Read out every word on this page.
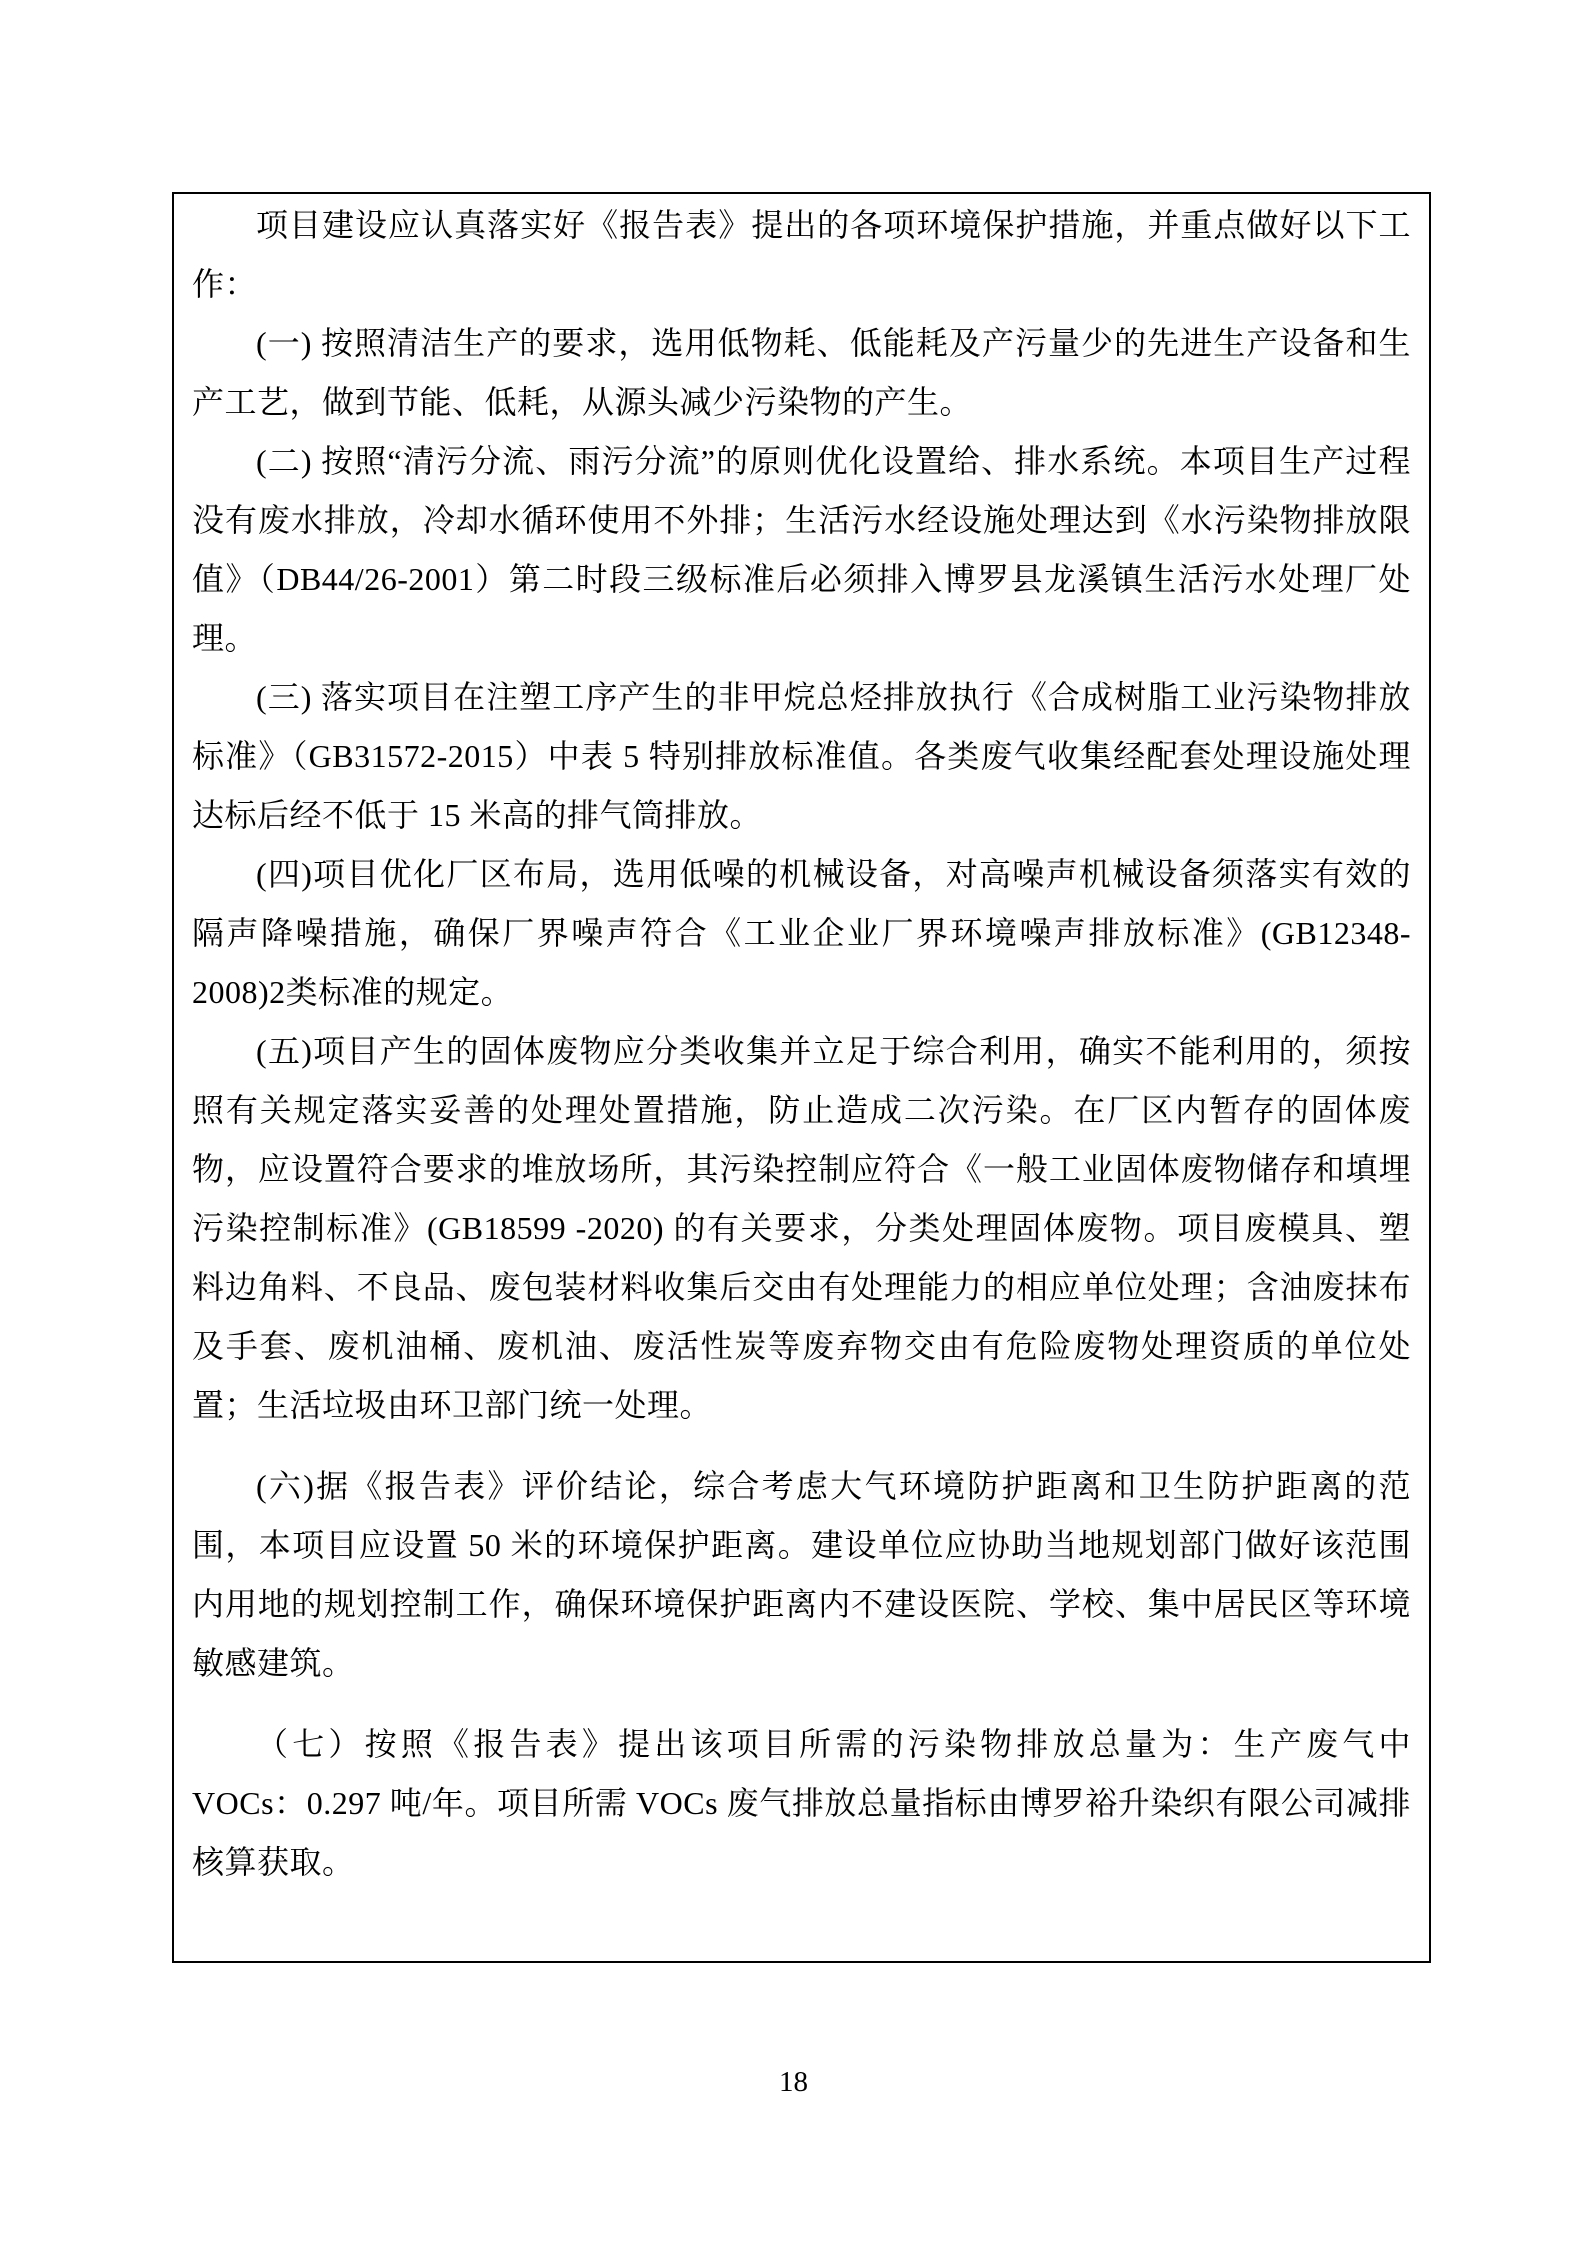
项目建设应认真落实好《报告表》提出的各项环境保护措施，并重点做好以下工作：

(一) 按照清洁生产的要求，选用低物耗、低能耗及产污量少的先进生产设备和生产工艺，做到节能、低耗，从源头减少污染物的产生。

(二) 按照“清污分流、雨污分流”的原则优化设置给、排水系统。本项目生产过程没有废水排放，冷却水循环使用不外排；生活污水经设施处理达到《水污染物排放限值》（DB44/26-2001）第二时段三级标准后必须排入博罗县龙溪镇生活污水处理厂处理。

(三) 落实项目在注塑工序产生的非甲烷总烃排放执行《合成树脂工业污染物排放标准》（GB31572-2015）中表 5 特别排放标准值。各类废气收集经配套处理设施处理达标后经不低于 15 米高的排气筒排放。

(四)项目优化厂区布局，选用低噪的机械设备，对高噪声机械设备须落实有效的隔声降噪措施，确保厂界噪声符合《工业企业厂界环境噪声排放标准》(GB12348- 2008)2类标准的规定。

(五)项目产生的固体废物应分类收集并立足于综合利用，确实不能利用的，须按照有关规定落实妥善的处理处置措施，防止造成二次污染。在厂区内暂存的固体废物，应设置符合要求的堆放场所，其污染控制应符合《一般工业固体废物储存和填埋 污染控制标准》(GB18599 -2020) 的有关要求，分类处理固体废物。项目废模具、塑料边角料、不良品、废包装材料收集后交由有处理能力的相应单位处理；含油废抹布及手套、废机油桶、废机油、废活性炭等废弃物交由有危险废物处理资质的单位处置；生活垃圾由环卫部门统一处理。

(六)据《报告表》评价结论，综合考虑大气环境防护距离和卫生防护距离的范围，本项目应设置 50 米的环境保护距离。建设单位应协助当地规划部门做好该范围内用地的规划控制工作，确保环境保护距离内不建设医院、学校、集中居民区等环境敏感建筑。

（七）按照《报告表》提出该项目所需的污染物排放总量为：生产废气中 VOCs：0.297 吨/年。项目所需 VOCs 废气排放总量指标由博罗裕升染织有限公司减排核算获取。

18
